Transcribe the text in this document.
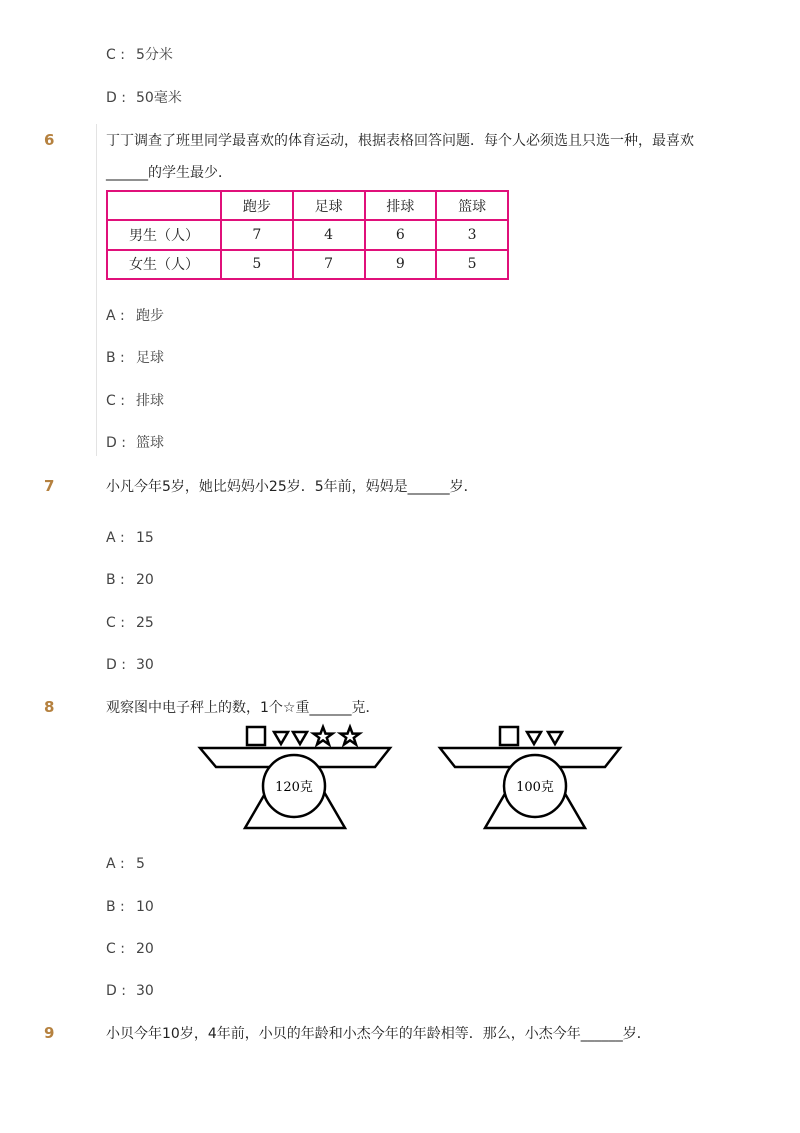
C : 5分米
D : 50毫米
6	丁丁调查了班里同学最喜欢的体育运动，根据表格回答问题．每个人必须选且只选一种，最喜欢
______的学生最少．
	跑步	足球	排球	篮球
男生（人）	7	4	6	3
女生（人）	5	7	9	5
A : 跑步
B : 足球
C : 排球
D : 篮球
7	小凡今年5岁，她比妈妈小25岁．5年前，妈妈是______岁．
A : 15
B : 20
C : 25
D : 30
8	观察图中电子秤上的数，1个☆重______克．
120克	100克
A : 5
B : 10
C : 20
D : 30
9	小贝今年10岁，4年前，小贝的年龄和小杰今年的年龄相等．那么，小杰今年______岁．
